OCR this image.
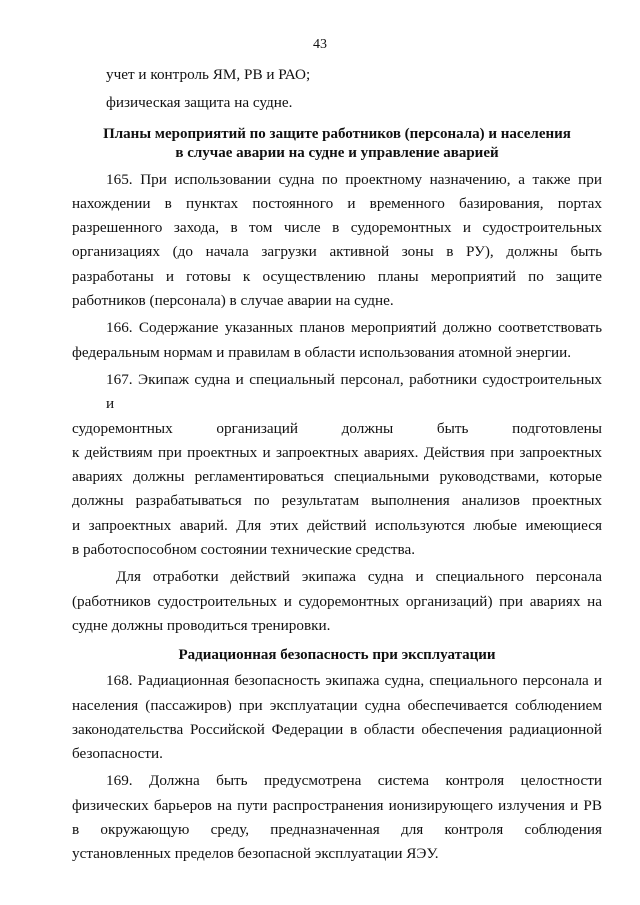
43
учет и контроль ЯМ, РВ и РАО;
физическая защита на судне.
Планы мероприятий по защите работников (персонала) и населения
в случае аварии на судне и управление аварией
165. При использовании судна по проектному назначению, а также при
нахождении в пунктах постоянного и временного базирования, портах
разрешенного захода, в том числе в судоремонтных и судостроительных
организациях (до начала загрузки активной зоны в РУ), должны быть
разработаны и готовы к осуществлению планы мероприятий по защите
работников (персонала) в случае аварии на судне.
166. Содержание указанных планов мероприятий должно соответствовать
федеральным нормам и правилам в области использования атомной энергии.
167. Экипаж судна и специальный персонал, работники судостроительных и
судоремонтных организаций должны быть подготовлены
к действиям при проектных и запроектных авариях. Действия при запроектных
авариях должны регламентироваться специальными руководствами, которые
должны разрабатываться по результатам выполнения анализов проектных
и запроектных аварий. Для этих действий используются любые имеющиеся
в работоспособном состоянии технические средства.
Для отработки действий экипажа судна и специального персонала
(работников судостроительных и судоремонтных организаций) при авариях на
судне должны проводиться тренировки.
Радиационная безопасность при эксплуатации
168. Радиационная безопасность экипажа судна, специального персонала и
населения (пассажиров) при эксплуатации судна обеспечивается соблюдением
законодательства Российской Федерации в области обеспечения радиационной
безопасности.
169. Должна быть предусмотрена система контроля целостности
физических барьеров на пути распространения ионизирующего излучения и РВ
в окружающую среду, предназначенная для контроля соблюдения
установленных пределов безопасной эксплуатации ЯЭУ.
